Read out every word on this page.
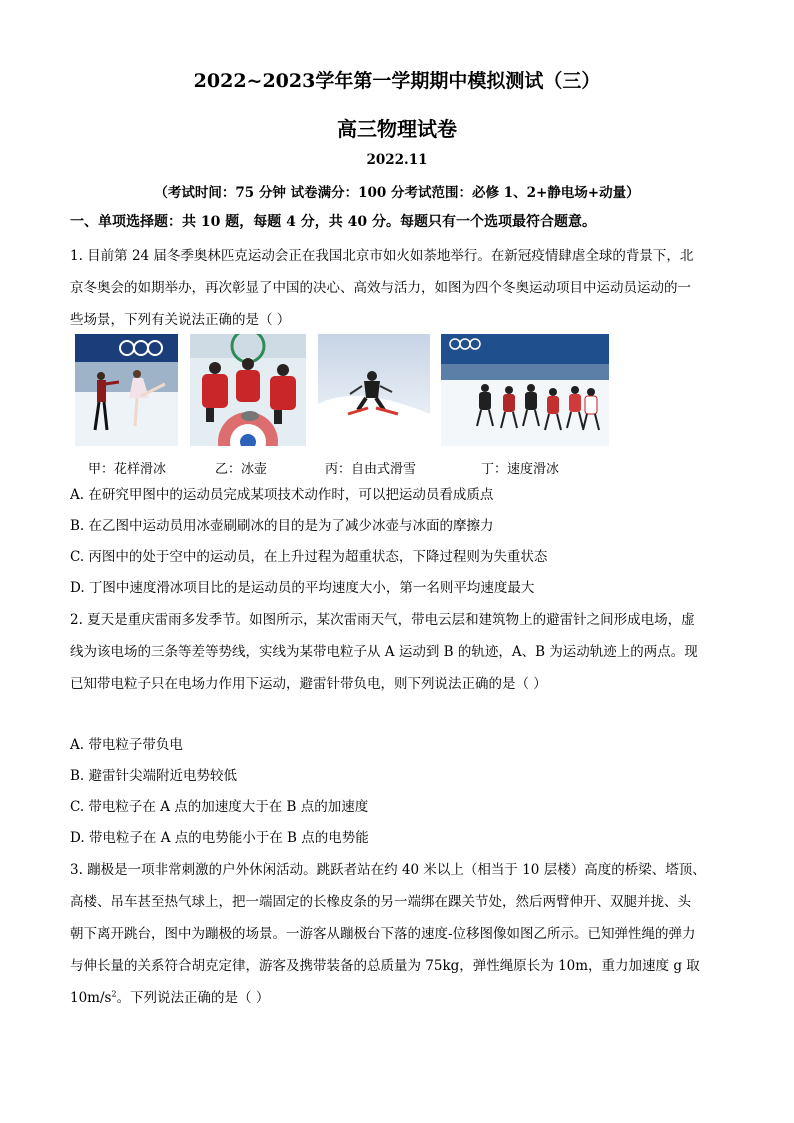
2022~2023学年第一学期期中模拟测试（三）
高三物理试卷
2022.11
（考试时间：75 分钟 试卷满分：100 分考试范围：必修 1、2+静电场+动量）
一、单项选择题：共 10 题，每题 4 分，共 40 分。每题只有一个选项最符合题意。
1. 目前第 24 届冬季奥林匹克运动会正在我国北京市如火如荼地举行。在新冠疫情肆虐全球的背景下，北
京冬奥会的如期举办，再次彰显了中国的决心、高效与活力，如图为四个冬奥运动项目中运动员运动的一
些场景，下列有关说法正确的是（ ）
甲：花样滑冰	乙：冰壶	丙：自由式滑雪	丁：速度滑冰
A. 在研究甲图中的运动员完成某项技术动作时，可以把运动员看成质点
B. 在乙图中运动员用冰壶刷刷冰的目的是为了减少冰壶与冰面的摩擦力
C. 丙图中的处于空中的运动员，在上升过程为超重状态，下降过程则为失重状态
D. 丁图中速度滑冰项目比的是运动员的平均速度大小，第一名则平均速度最大
2. 夏天是重庆雷雨多发季节。如图所示，某次雷雨天气，带电云层和建筑物上的避雷针之间形成电场，虚
线为该电场的三条等差等势线，实线为某带电粒子从 A 运动到 B 的轨迹，A、B 为运动轨迹上的两点。现
已知带电粒子只在电场力作用下运动，避雷针带负电，则下列说法正确的是（ ）
A. 带电粒子带负电
B. 避雷针尖端附近电势较低
C. 带电粒子在 A 点的加速度大于在 B 点的加速度
D. 带电粒子在 A 点的电势能小于在 B 点的电势能
3. 蹦极是一项非常刺激的户外休闲活动。跳跃者站在约 40 米以上（相当于 10 层楼）高度的桥梁、塔顶、
高楼、吊车甚至热气球上，把一端固定的长橡皮条的另一端绑在踝关节处，然后两臂伸开、双腿并拢、头
朝下离开跳台，图中为蹦极的场景。一游客从蹦极台下落的速度-位移图像如图乙所示。已知弹性绳的弹力
与伸长量的关系符合胡克定律，游客及携带装备的总质量为 75kg，弹性绳原长为 10m，重力加速度 g 取
$10m/s^2$。下列说法正确的是（ ）
